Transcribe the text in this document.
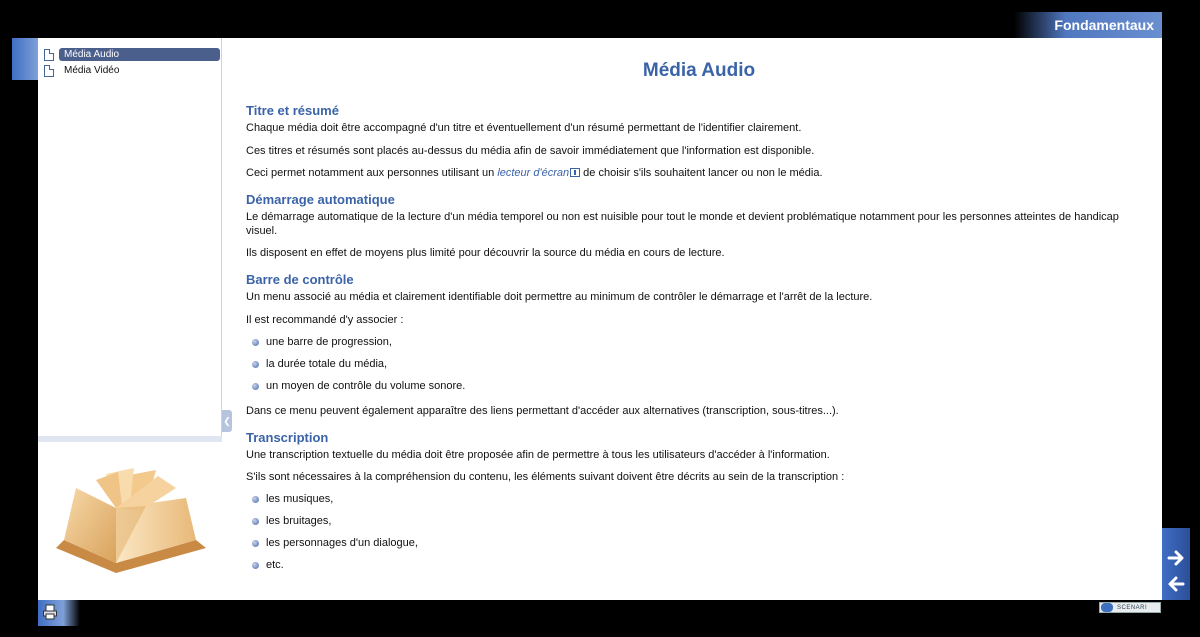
Fondamentaux
Média Audio
Média Vidéo
❮
Média Audio
Titre et résumé
Chaque média doit être accompagné d'un titre et éventuellement d'un résumé permettant de l'identifier clairement.
Ces titres et résumés sont placés au-dessus du média afin de savoir immédiatement que l'information est disponible.
Ceci permet notamment aux personnes utilisant un lecteur d'écran de choisir s'ils souhaitent lancer ou non le média.
Démarrage automatique
Le démarrage automatique de la lecture d'un média temporel ou non est nuisible pour tout le monde et devient problématique notamment pour les personnes atteintes de handicap visuel.
Ils disposent en effet de moyens plus limité pour découvrir la source du média en cours de lecture.
Barre de contrôle
Un menu associé au média et clairement identifiable doit permettre au minimum de contrôler le démarrage et l'arrêt de la lecture.
Il est recommandé d'y associer :
une barre de progression,
la durée totale du média,
un moyen de contrôle du volume sonore.
Dans ce menu peuvent également apparaître des liens permettant d'accéder aux alternatives (transcription, sous-titres...).
Transcription
Une transcription textuelle du média doit être proposée afin de permettre à tous les utilisateurs d'accéder à l'information.
S'ils sont nécessaires à la compréhension du contenu, les éléments suivant doivent être décrits au sein de la transcription :
les musiques,
les bruitages,
les personnages d'un dialogue,
etc.
SCENARI
